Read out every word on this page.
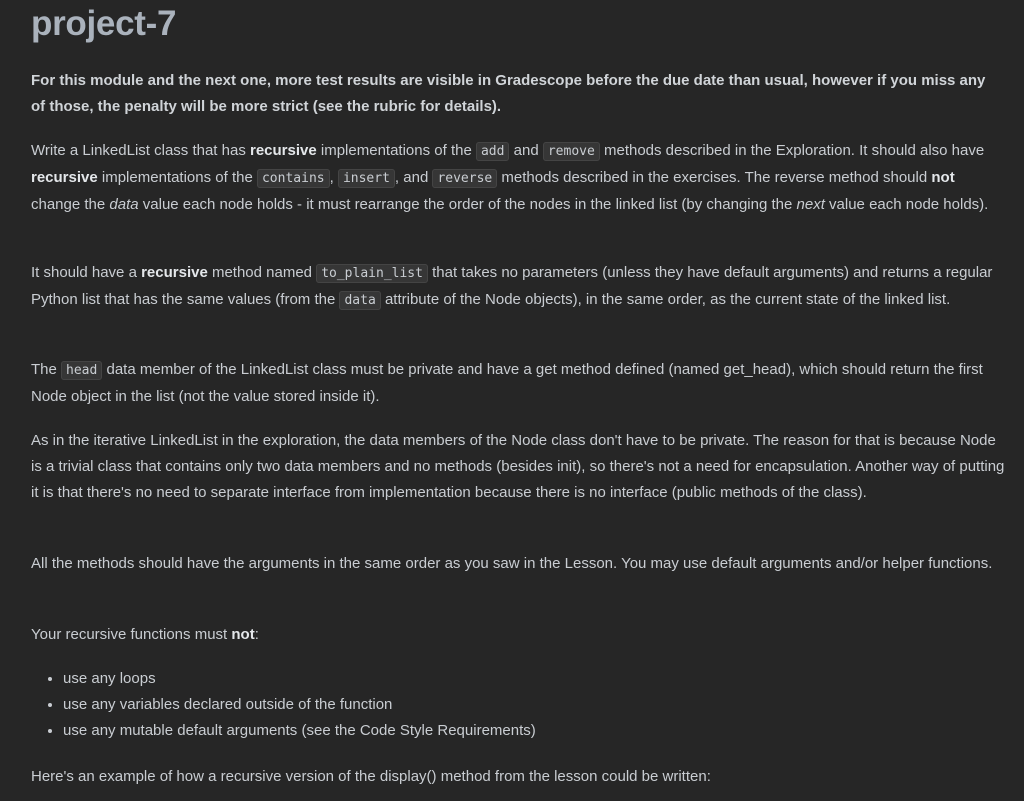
project-7
For this module and the next one, more test results are visible in Gradescope before the due date than usual, however if you miss any of those, the penalty will be more strict (see the rubric for details).
Write a LinkedList class that has recursive implementations of the add and remove methods described in the Exploration. It should also have recursive implementations of the contains , insert , and reverse methods described in the exercises. The reverse method should not change the data value each node holds - it must rearrange the order of the nodes in the linked list (by changing the next value each node holds).
It should have a recursive method named to_plain_list that takes no parameters (unless they have default arguments) and returns a regular Python list that has the same values (from the data attribute of the Node objects), in the same order, as the current state of the linked list.
The head data member of the LinkedList class must be private and have a get method defined (named get_head), which should return the first Node object in the list (not the value stored inside it).
As in the iterative LinkedList in the exploration, the data members of the Node class don't have to be private. The reason for that is because Node is a trivial class that contains only two data members and no methods (besides init), so there's not a need for encapsulation. Another way of putting it is that there's no need to separate interface from implementation because there is no interface (public methods of the class).
All the methods should have the arguments in the same order as you saw in the Lesson. You may use default arguments and/or helper functions.
Your recursive functions must not:
• use any loops
• use any variables declared outside of the function
• use any mutable default arguments (see the Code Style Requirements)
Here's an example of how a recursive version of the display() method from the lesson could be written:
